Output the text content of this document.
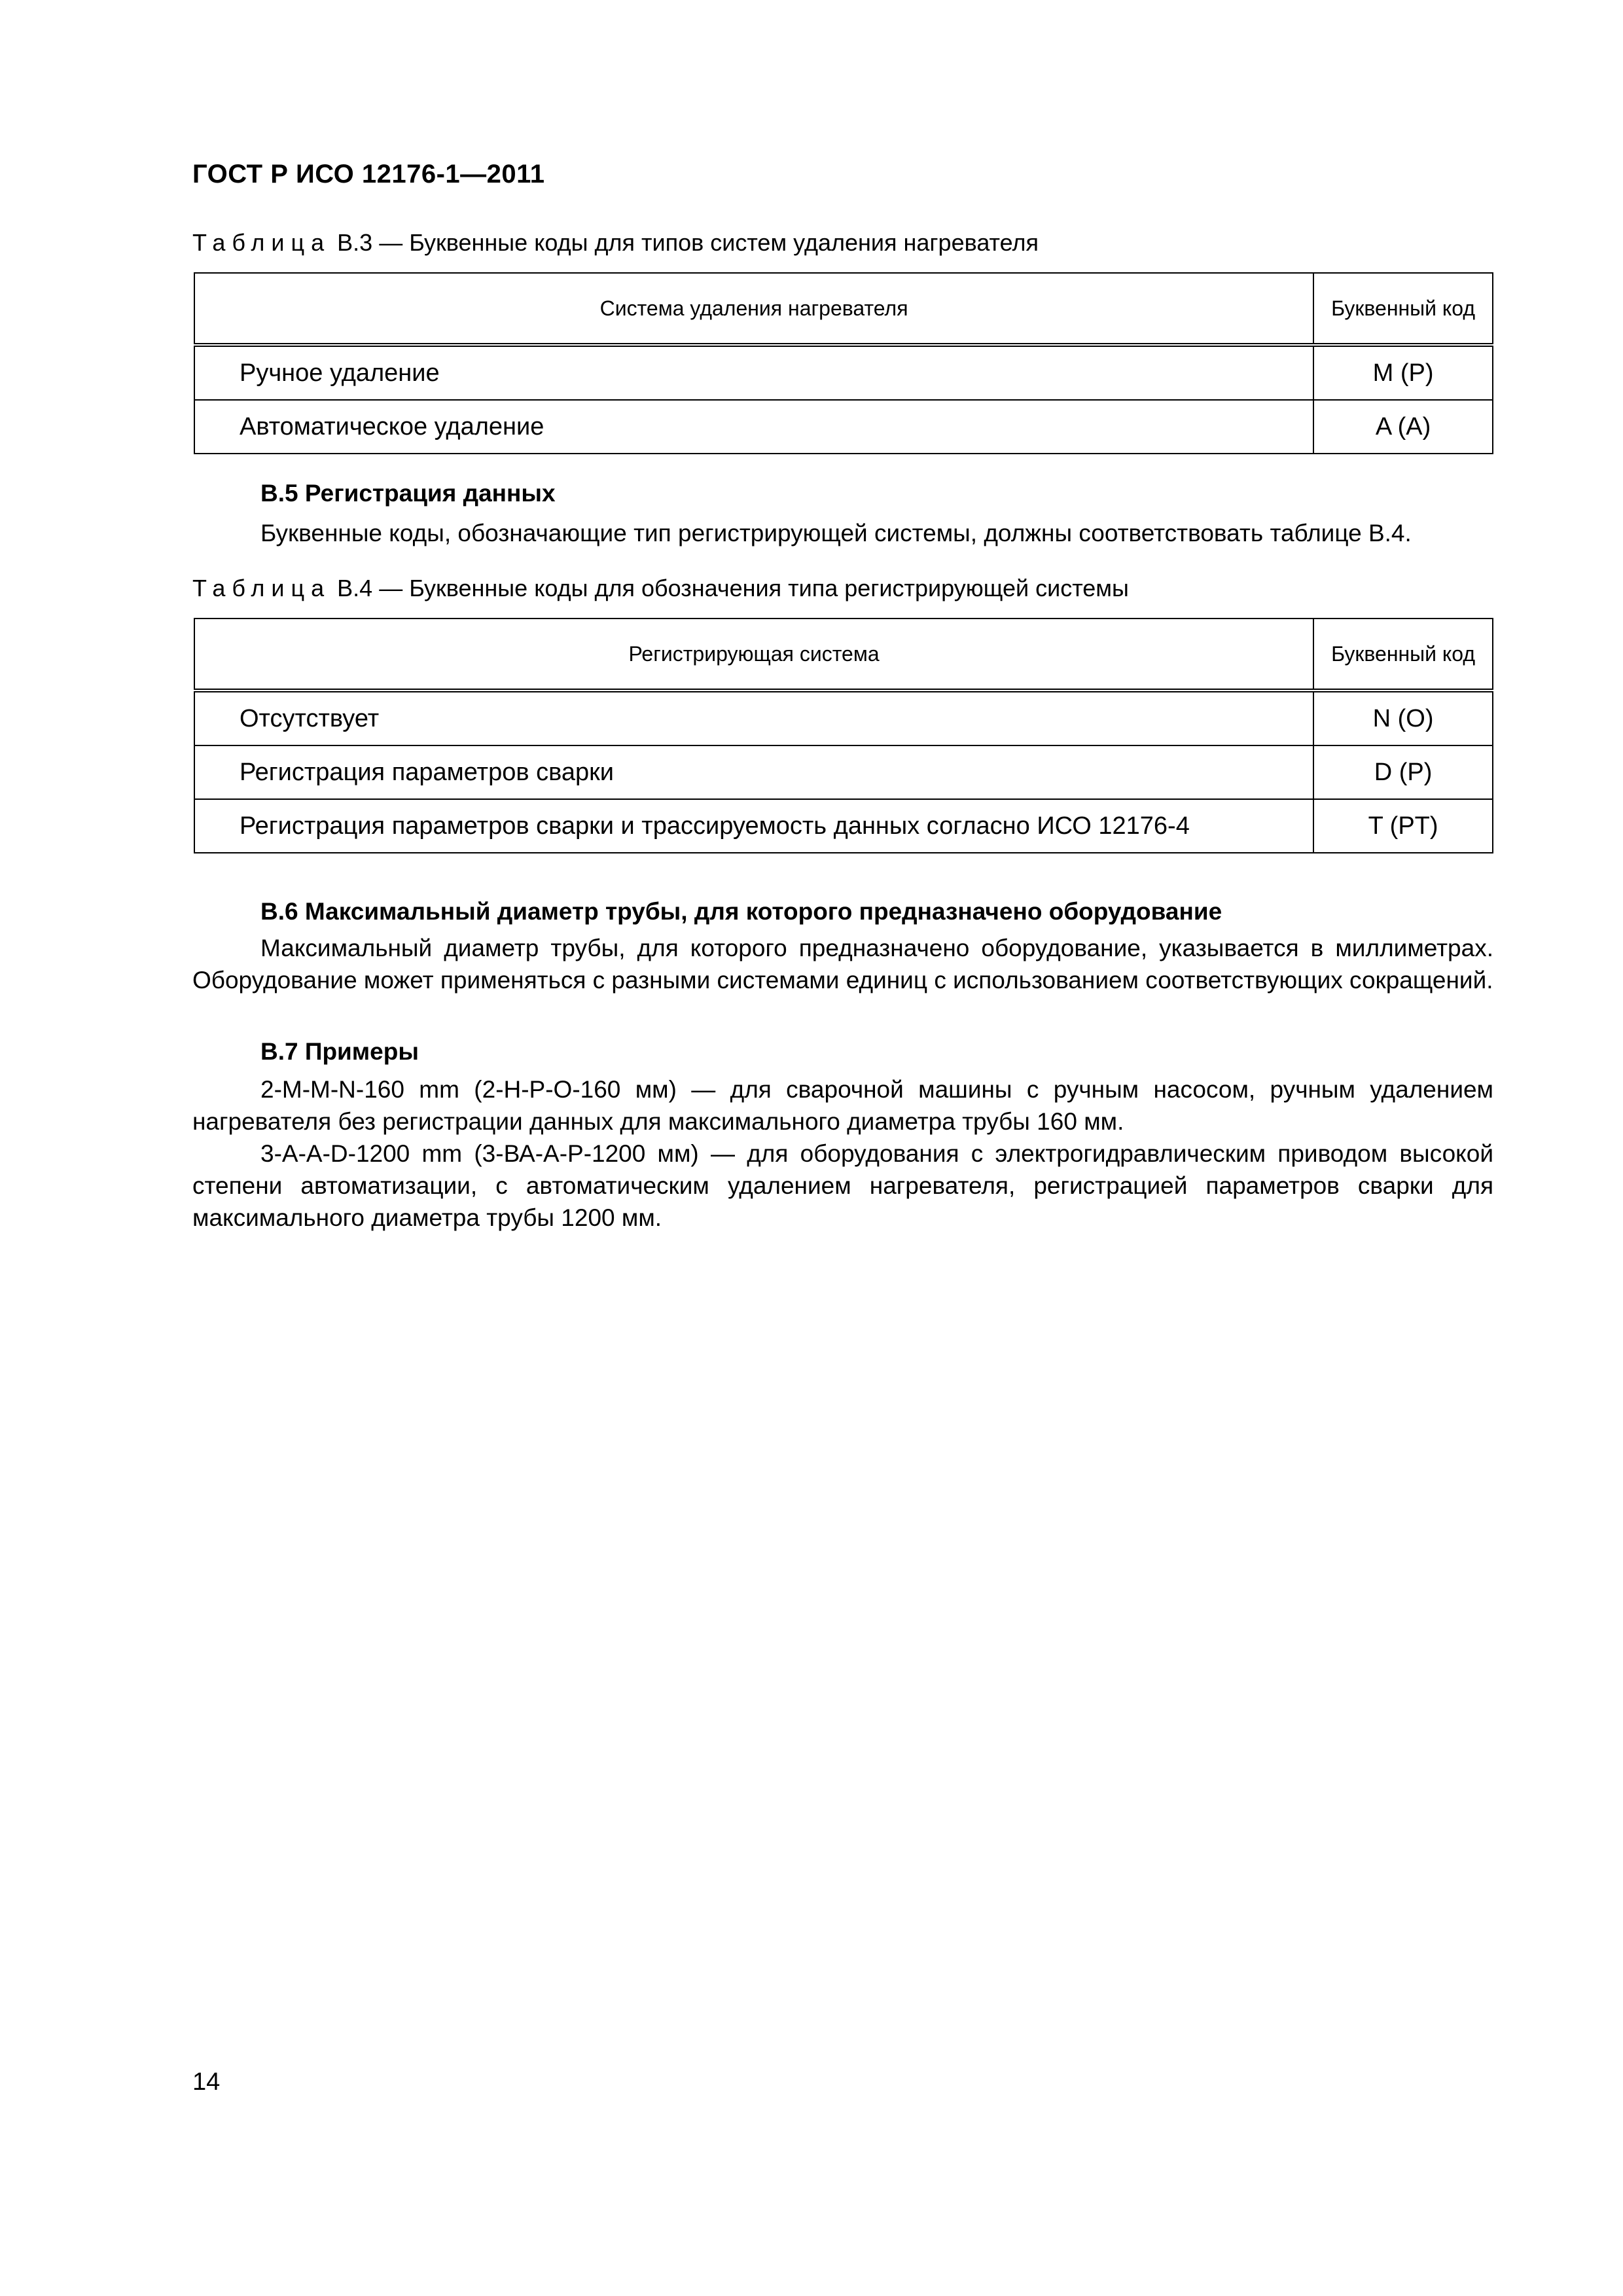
ГОСТ Р ИСО 12176-1—2011
Таблица В.3 — Буквенные коды для типов систем удаления нагревателя
Система удаления нагревателя	Буквенный код
Ручное удаление	M (P)
Автоматическое удаление	A (A)
В.5 Регистрация данных

Буквенные коды, обозначающие тип регистрирующей системы, должны соответствовать таблице В.4.

Таблица В.4 — Буквенные коды для обозначения типа регистрирующей системы
Регистрирующая система	Буквенный код
Отсутствует	N (O)
Регистрация параметров сварки	D (P)
Регистрация параметров сварки и трассируемость данных согласно ИСО 12176-4	T (PT)
В.6 Максимальный диаметр трубы, для которого предназначено оборудование

Максимальный диаметр трубы, для которого предназначено оборудование, указывается в миллиметрах. Оборудование может применяться с разными системами единиц с использованием соответствующих сокращений.

В.7 Примеры

2-M-M-N-160 mm (2-Н-Р-О-160 мм) — для сварочной машины с ручным насосом, ручным удалением нагревателя без регистрации данных для максимального диаметра трубы 160 мм.

3-A-A-D-1200 mm (3-ВА-А-Р-1200 мм) — для оборудования с электрогидравлическим приводом высокой степени автоматизации, с автоматическим удалением нагревателя, регистрацией параметров сварки для максимального диаметра трубы 1200 мм.

14
